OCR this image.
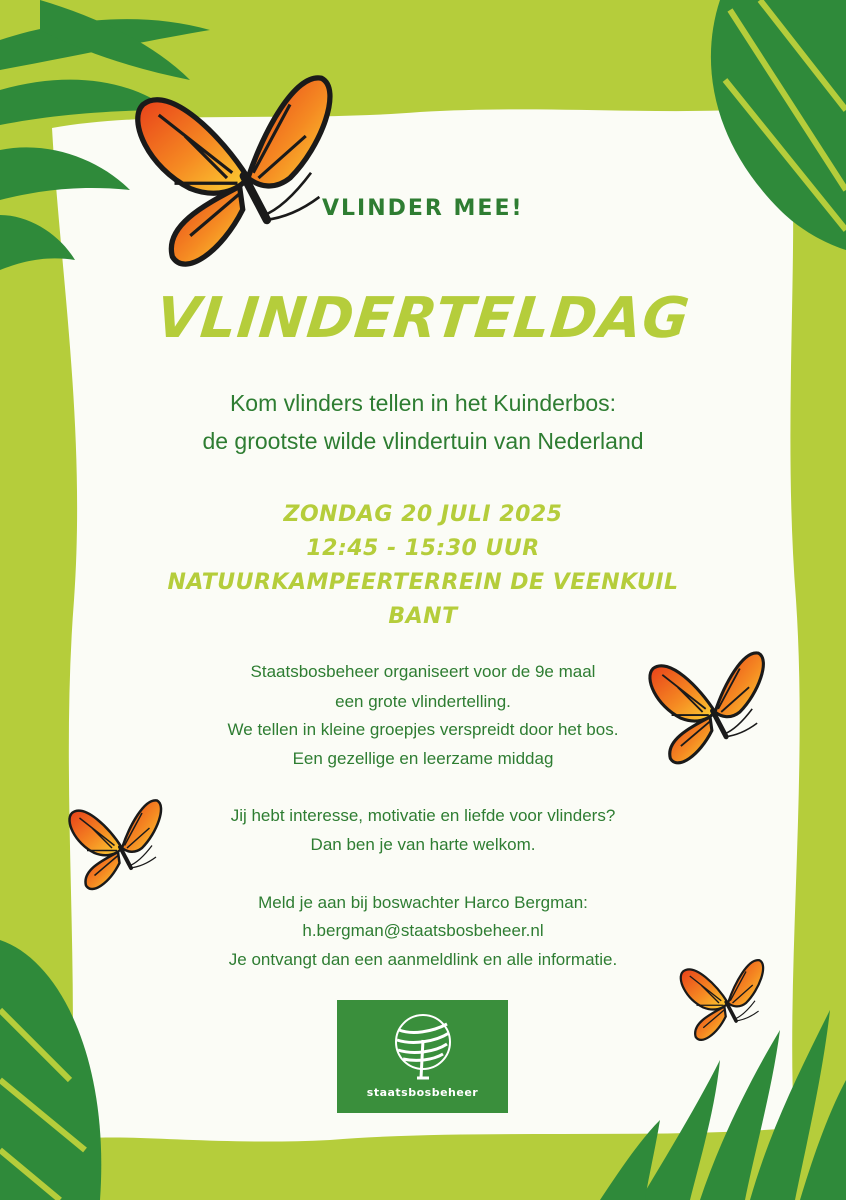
VLINDER MEE!
VLINDERTELDAG
Kom vlinders tellen in het Kuinderbos:
de grootste wilde vlindertuin van Nederland
ZONDAG 20 JULI 2025
12:45 - 15:30 UUR
NATUURKAMPEERTERREIN DE VEENKUIL
BANT
Staatsbosbeheer organiseert voor de 9e maal
een grote vlindertelling.
We tellen in kleine groepjes verspreidt door het bos.
Een gezellige en leerzame middag
Jij hebt interesse, motivatie en liefde voor vlinders?
Dan ben je van harte welkom.
Meld je aan bij boswachter Harco Bergman:
h.bergman@staatsbosbeheer.nl
Je ontvangt dan een aanmeldlink en alle informatie.
staatsbosbeheer
